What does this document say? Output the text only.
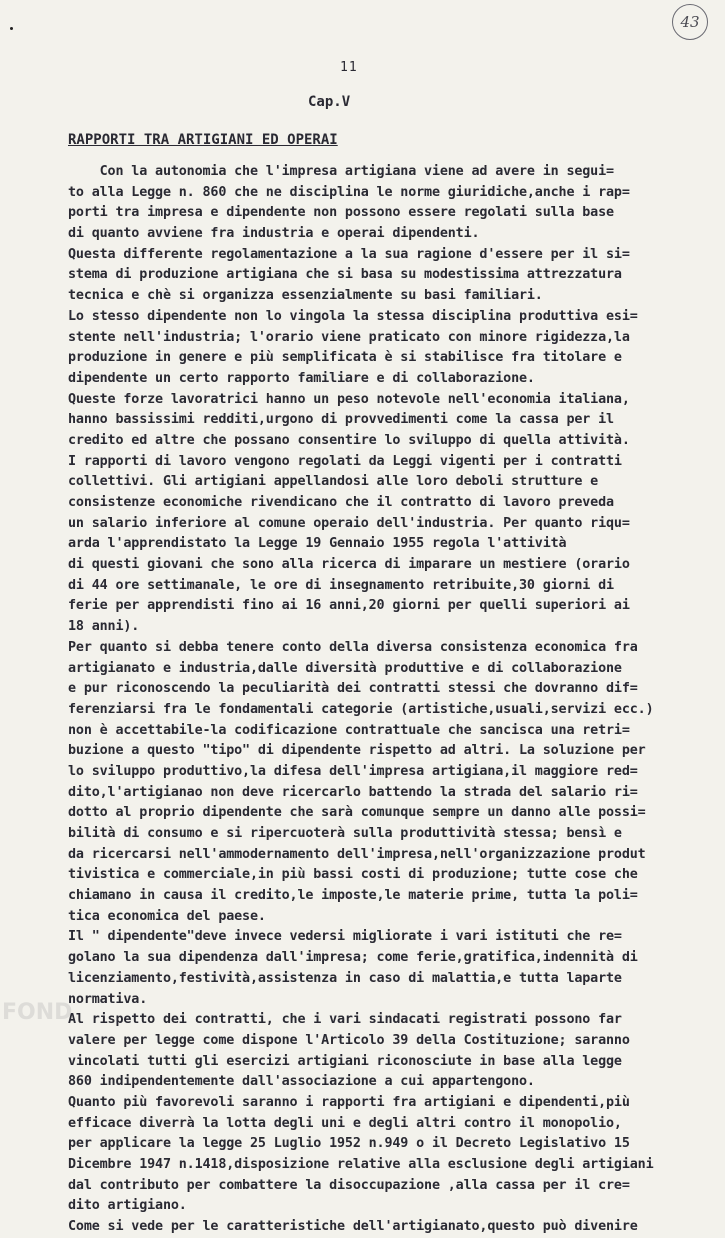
43
11
Cap.V
RAPPORTI TRA ARTIGIANI ED OPERAI
Con la autonomia che l'impresa artigiana viene ad avere in segui=
to alla Legge n. 860 che ne disciplina le norme giuridiche,anche i rap=
porti tra impresa e dipendente non possono essere regolati sulla base
di quanto avviene fra industria e operai dipendenti.
Questa differente regolamentazione a la sua ragione d'essere per il si=
stema di produzione artigiana che si basa su modestissima attrezzatura
tecnica e chè si organizza essenzialmente su basi familiari.
Lo stesso dipendente non lo vingola la stessa disciplina produttiva esi=
stente nell'industria; l'orario viene praticato con minore rigidezza,la
produzione in genere e più semplificata è si stabilisce fra titolare e
dipendente un certo rapporto familiare e di collaborazione.
Queste forze lavoratrici hanno un peso notevole nell'economia italiana,
hanno bassissimi redditi,urgono di provvedimenti come la cassa per il
credito ed altre che possano consentire lo sviluppo di quella attività.
I rapporti di lavoro vengono regolati da Leggi vigenti per i contratti
collettivi. Gli artigiani appellandosi alle loro deboli strutture e
consistenze economiche rivendicano che il contratto di lavoro preveda
un salario inferiore al comune operaio dell'industria. Per quanto riqu=
arda l'apprendistato la Legge 19 Gennaio 1955 regola l'attività
di questi giovani che sono alla ricerca di imparare un mestiere (orario
di 44 ore settimanale, le ore di insegnamento retribuite,30 giorni di
ferie per apprendisti fino ai 16 anni,20 giorni per quelli superiori ai
18 anni).
Per quanto si debba tenere conto della diversa consistenza economica fra
artigianato e industria,dalle diversità produttive e di collaborazione
e pur riconoscendo la peculiarità dei contratti stessi che dovranno dif=
ferenziarsi fra le fondamentali categorie (artistiche,usuali,servizi ecc.)
non è accettabile-la codificazione contrattuale che sancisca una retri=
buzione a questo "tipo" di dipendente rispetto ad altri. La soluzione per
lo sviluppo produttivo,la difesa dell'impresa artigiana,il maggiore red=
dito,l'artigianao non deve ricercarlo battendo la strada del salario ri=
dotto al proprio dipendente che sarà comunque sempre un danno alle possi=
bilità di consumo e si ripercuoterà sulla produttività stessa; bensì e
da ricercarsi nell'ammodernamento dell'impresa,nell'organizzazione produt
tivistica e commerciale,in più bassi costi di produzione; tutte cose che
chiamano in causa il credito,le imposte,le materie prime, tutta la poli=
tica economica del paese.
Il " dipendente"deve invece vedersi migliorate i vari istituti che re=
golano la sua dipendenza dall'impresa; come ferie,gratifica,indennità di
licenziamento,festività,assistenza in caso di malattia,e tutta laparte
normativa.
Al rispetto dei contratti, che i vari sindacati registrati possono far
valere per legge come dispone l'Articolo 39 della Costituzione; saranno
vincolati tutti gli esercizi artigiani riconosciute in base alla legge
860 indipendentemente dall'associazione a cui appartengono.
Quanto più favorevoli saranno i rapporti fra artigiani e dipendenti,più
efficace diverrà la lotta degli uni e degli altri contro il monopolio,
per applicare la legge 25 Luglio 1952 n.949 o il Decreto Legislativo 15
Dicembre 1947 n.1418,disposizione relative alla esclusione degli artigiani
dal contributo per combattere la disoccupazione ,alla cassa per il cre=
dito artigiano.
Come si vede per le caratteristiche dell'artigianato,questo può divenire
FOND
